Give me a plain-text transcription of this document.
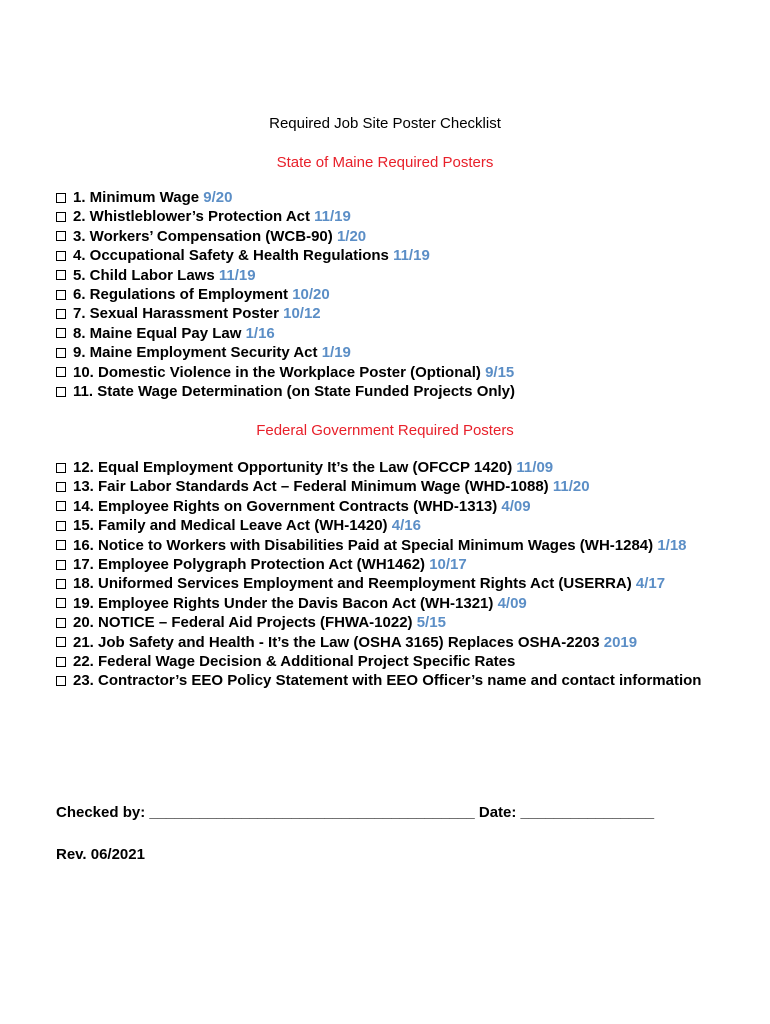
Required Job Site Poster Checklist
State of Maine Required Posters
1. Minimum Wage 9/20
2. Whistleblower’s Protection Act 11/19
3. Workers’ Compensation (WCB-90) 1/20
4. Occupational Safety & Health Regulations 11/19
5. Child Labor Laws 11/19
6. Regulations of Employment 10/20
7. Sexual Harassment Poster 10/12
8. Maine Equal Pay Law 1/16
9. Maine Employment Security Act 1/19
10. Domestic Violence in the Workplace Poster (Optional) 9/15
11. State Wage Determination (on State Funded Projects Only)
Federal Government Required Posters
12. Equal Employment Opportunity It’s the Law (OFCCP 1420) 11/09
13. Fair Labor Standards Act – Federal Minimum Wage (WHD-1088) 11/20
14. Employee Rights on Government Contracts (WHD-1313) 4/09
15. Family and Medical Leave Act (WH-1420) 4/16
16. Notice to Workers with Disabilities Paid at Special Minimum Wages (WH-1284) 1/18
17. Employee Polygraph Protection Act (WH1462) 10/17
18. Uniformed Services Employment and Reemployment Rights Act (USERRA) 4/17
19. Employee Rights Under the Davis Bacon Act (WH-1321) 4/09
20. NOTICE – Federal Aid Projects (FHWA-1022) 5/15
21. Job Safety and Health - It’s the Law (OSHA 3165) Replaces OSHA-2203 2019
22. Federal Wage Decision & Additional Project Specific Rates
23. Contractor’s EEO Policy Statement with EEO Officer’s name and contact information
Checked by: _______________________________________ Date: ________________
Rev. 06/2021
